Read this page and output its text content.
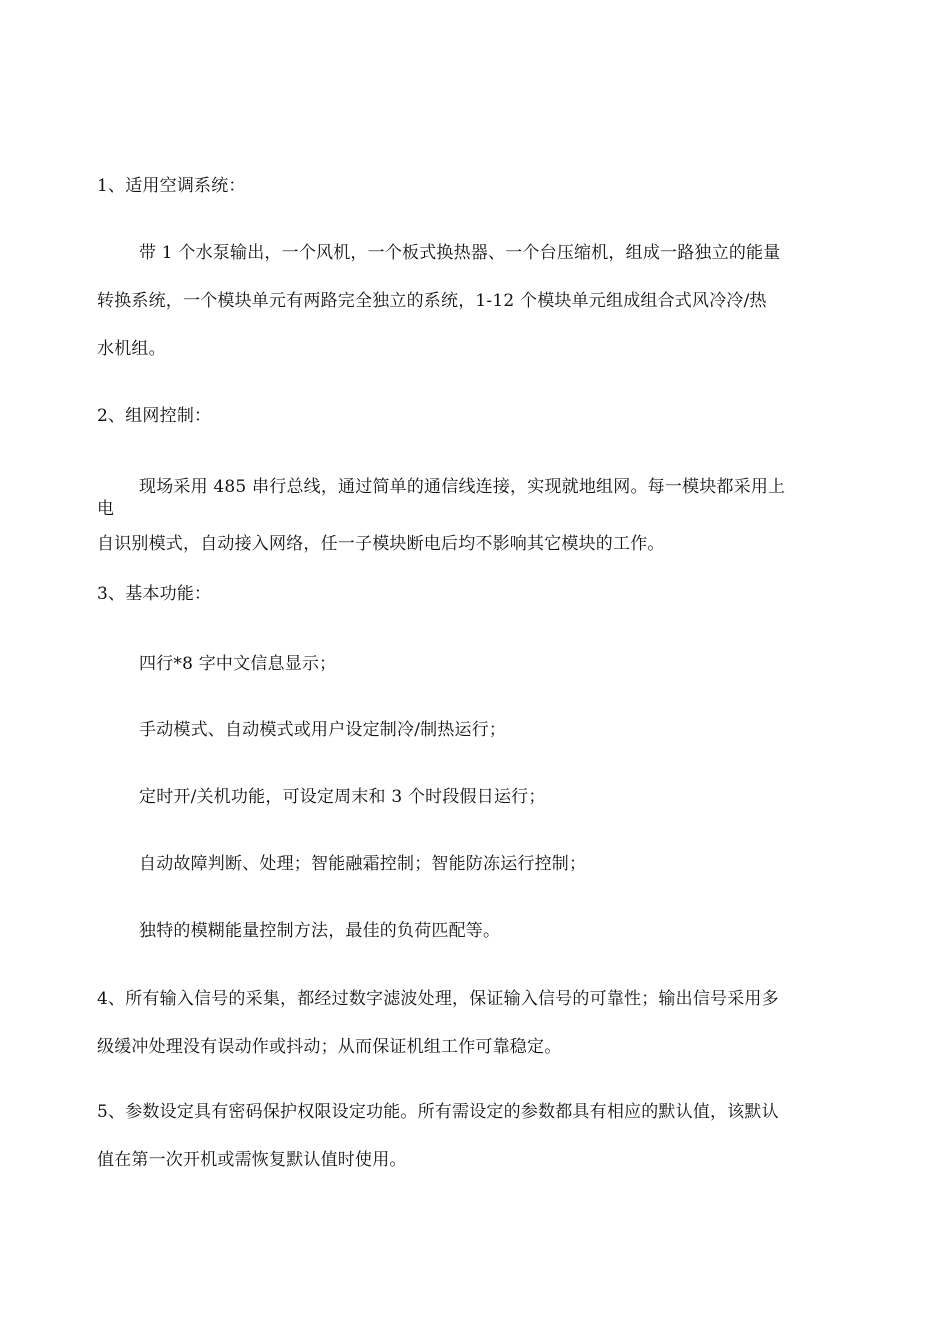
1、适用空调系统：
带 1 个水泵输出，一个风机，一个板式换热器、一个台压缩机，组成一路独立的能量
转换系统，一个模块单元有两路完全独立的系统，1-12 个模块单元组成组合式风冷冷/热
水机组。
2、组网控制：
现场采用 485 串行总线，通过简单的通信线连接，实现就地组网。每一模块都采用上
电
自识别模式，自动接入网络，任一子模块断电后均不影响其它模块的工作。
3、基本功能：
四行*8 字中文信息显示；
手动模式、自动模式或用户设定制冷/制热运行；
定时开/关机功能，可设定周末和 3 个时段假日运行；
自动故障判断、处理；智能融霜控制；智能防冻运行控制；
独特的模糊能量控制方法，最佳的负荷匹配等。
4、所有输入信号的采集，都经过数字滤波处理，保证输入信号的可靠性；输出信号采用多
级缓冲处理没有误动作或抖动；从而保证机组工作可靠稳定。
5、参数设定具有密码保护权限设定功能。所有需设定的参数都具有相应的默认值，该默认
值在第一次开机或需恢复默认值时使用。
